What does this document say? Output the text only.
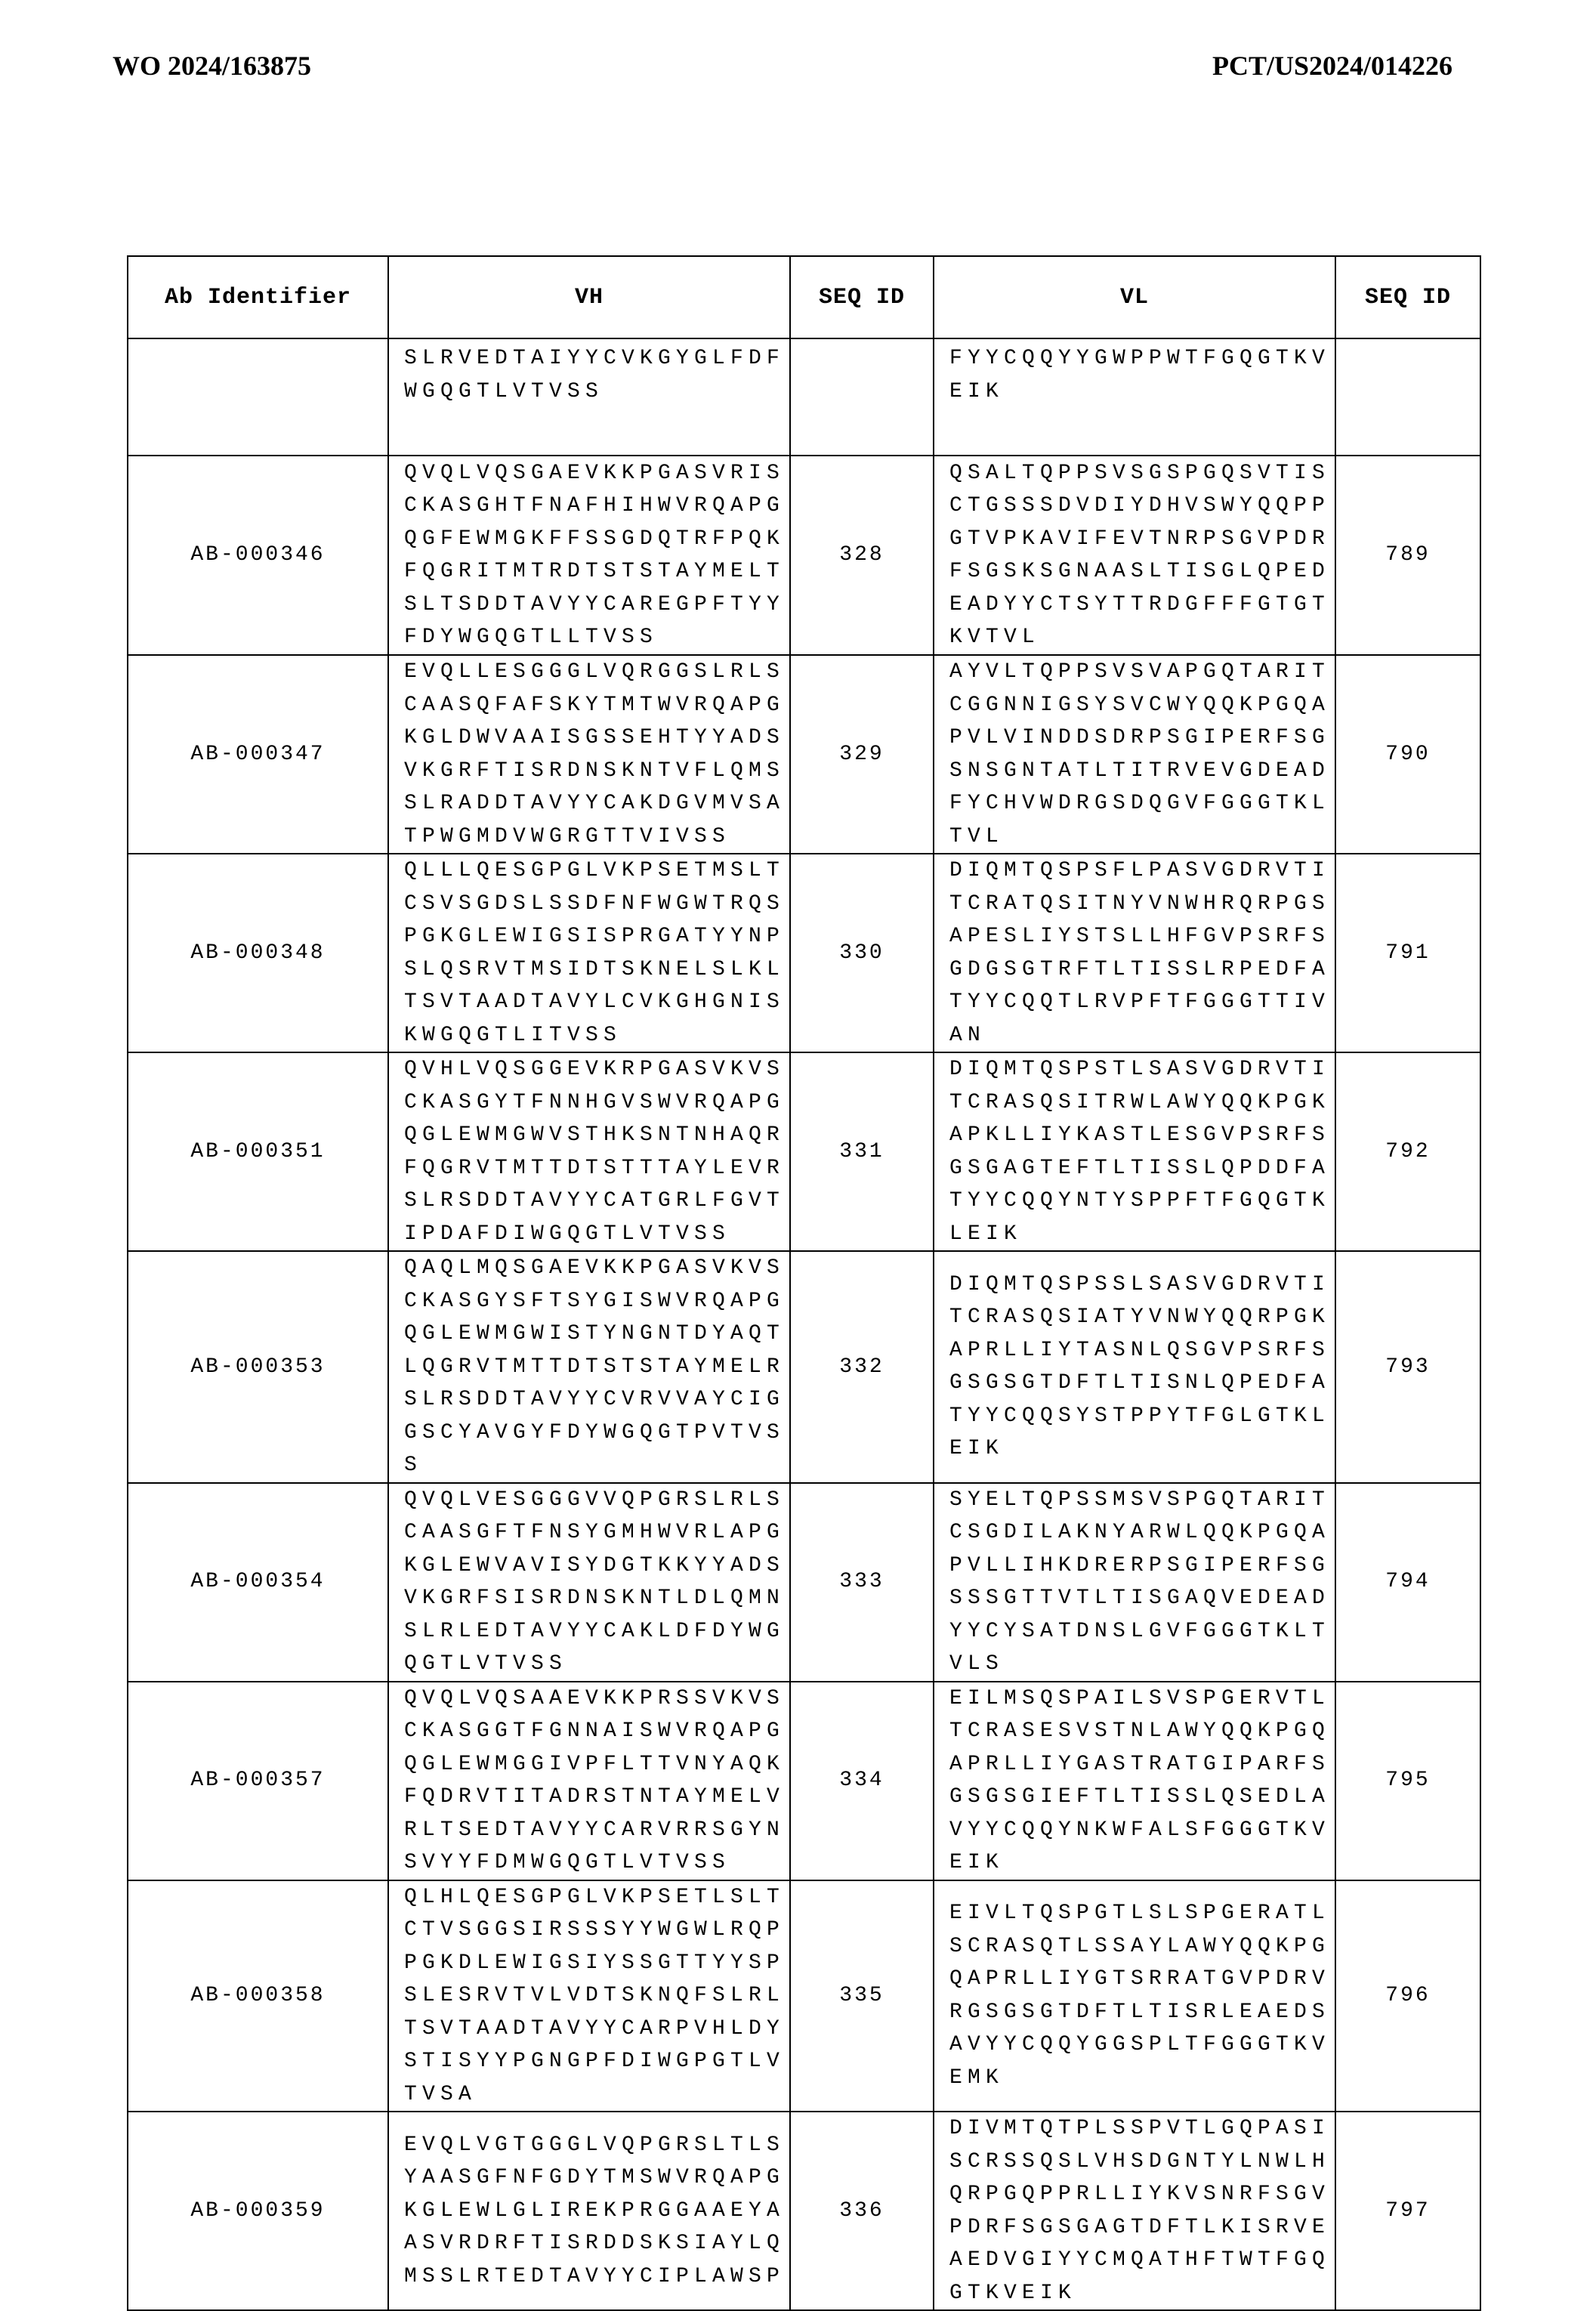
WO 2024/163875	PCT/US2024/014226
Ab Identifier	VH	SEQ ID	VL	SEQ ID

SLRVEDTAIYYCVKGYGLFDF
WGQGTLVTVSS

FYYCQQYYGWPPWTFGQGTKV
EIK

AB-000346	
QVQLVQSGAEVKKPGASVRIS
CKASGHTFNAFHIHWVRQAPG
QGFEWMGKFFSSGDQTRFPQK
FQGRITMTRDTSTSTAYMELT
SLTSDDTAVYYCAREGPFTYY
FDYWGQGTLLTVSS
	328	
QSALTQPPSVSGSPGQSVTIS
CTGSSSDVDIYDHVSWYQQPP
GTVPKAVIFEVTNRPSGVPDR
FSGSKSGNAASLTISGLQPED
EADYYCTSYTTRDGFFFGTGT
KVTVL
	789
AB-000347	
EVQLLESGGGLVQRGGSLRLS
CAASQFAFSKYTMTWVRQAPG
KGLDWVAAISGSSEHTYYADS
VKGRFTISRDNSKNTVFLQMS
SLRADDTAVYYCAKDGVMVSA
TPWGMDVWGRGTTVIVSS
	329	
AYVLTQPPSVSVAPGQTARIT
CGGNNIGSYSVCWYQQKPGQA
PVLVINDDSDRPSGIPERFSG
SNSGNTATLTITRVEVGDEAD
FYCHVWDRGSDQGVFGGGTKL
TVL
	790
AB-000348	
QLLLQESGPGLVKPSETMSLT
CSVSGDSLSSDFNFWGWTRQS
PGKGLEWIGSISPRGATYYNP
SLQSRVTMSIDTSKNELSLKL
TSVTAADTAVYLCVKGHGNIS
KWGQGTLITVSS
	330	
DIQMTQSPSFLPASVGDRVTI
TCRATQSITNYVNWHRQRPGS
APESLIYSTSLLHFGVPSRFS
GDGSGTRFTLTISSLRPEDFA
TYYCQQTLRVPFTFGGGTTIV
AN
	791
AB-000351	
QVHLVQSGGEVKRPGASVKVS
CKASGYTFNNHGVSWVRQAPG
QGLEWMGWVSTHKSNTNHAQR
FQGRVTMTTDTSTTTAYLEVR
SLRSDDTAVYYCATGRLFGVT
IPDAFDIWGQGTLVTVSS
	331	
DIQMTQSPSTLSASVGDRVTI
TCRASQSITRWLAWYQQKPGK
APKLLIYKASTLESGVPSRFS
GSGAGTEFTLTISSLQPDDFA
TYYCQQYNTYSPPFTFGQGTK
LEIK
	792
AB-000353	
QAQLMQSGAEVKKPGASVKVS
CKASGYSFTSYGISWVRQAPG
QGLEWMGWISTYNGNTDYAQT
LQGRVTMTTDTSTSTAYMELR
SLRSDDTAVYYCVRVVAYCIG
GSCYAVGYFDYWGQGTPVTVS
S
	332	
DIQMTQSPSSLSASVGDRVTI
TCRASQSIATYVNWYQQRPGK
APRLLIYTASNLQSGVPSRFS
GSGSGTDFTLTISNLQPEDFA
TYYCQQSYSTPPYTFGLGTKL
EIK
	793
AB-000354	
QVQLVESGGGVVQPGRSLRLS
CAASGFTFNSYGMHWVRLAPG
KGLEWVAVISYDGTKKYYADS
VKGRFSISRDNSKNTLDLQMN
SLRLEDTAVYYCAKLDFDYWG
QGTLVTVSS
	333	
SYELTQPSSMSVSPGQTARIT
CSGDILAKNYARWLQQKPGQA
PVLLIHKDRERPSGIPERFSG
SSSGTTVTLTISGAQVEDEAD
YYCYSATDNSLGVFGGGTKLT
VLS
	794
AB-000357	
QVQLVQSAAEVKKPRSSVKVS
CKASGGTFGNNAISWVRQAPG
QGLEWMGGIVPFLTTVNYAQK
FQDRVTITADRSTNTAYMELV
RLTSEDTAVYYCARVRRSGYN
SVYYFDMWGQGTLVTVSS
	334	
EILMSQSPAILSVSPGERVTL
TCRASESVSTNLAWYQQKPGQ
APRLLIYGASTRATGIPARFS
GSGSGIEFTLTISSLQSEDLA
VYYCQQYNKWFALSFGGGTKV
EIK
	795
AB-000358	
QLHLQESGPGLVKPSETLSLT
CTVSGGSIRSSSYYWGWLRQP
PGKDLEWIGSIYSSGTTYYSP
SLESRVTVLVDTSKNQFSLRL
TSVTAADTAVYYCARPVHLDY
STISYYPGNGPFDIWGPGTLV
TVSA
	335	
EIVLTQSPGTLSLSPGERATL
SCRASQTLSSAYLAWYQQKPG
QAPRLLIYGTSRRATGVPDRV
RGSGSGTDFTLTISRLEAEDS
AVYYCQQYGGSPLTFGGGTKV
EMK
	796
AB-000359	
EVQLVGTGGGLVQPGRSLTLS
YAASGFNFGDYTMSWVRQAPG
KGLEWLGLIREKPRGGAAEYA
ASVRDRFTISRDDSKSIAYLQ
MSSLRTEDTAVYYCIPLAWSP
	336	
DIVMTQTPLSSPVTLGQPASI
SCRSSQSLVHSDGNTYLNWLH
QRPGQPPRLLIYKVSNRFSGV
PDRFSGSGAGTDFTLKISRVE
AEDVGIYYCMQATHFTWTFGQ
GTKVEIK
	797
